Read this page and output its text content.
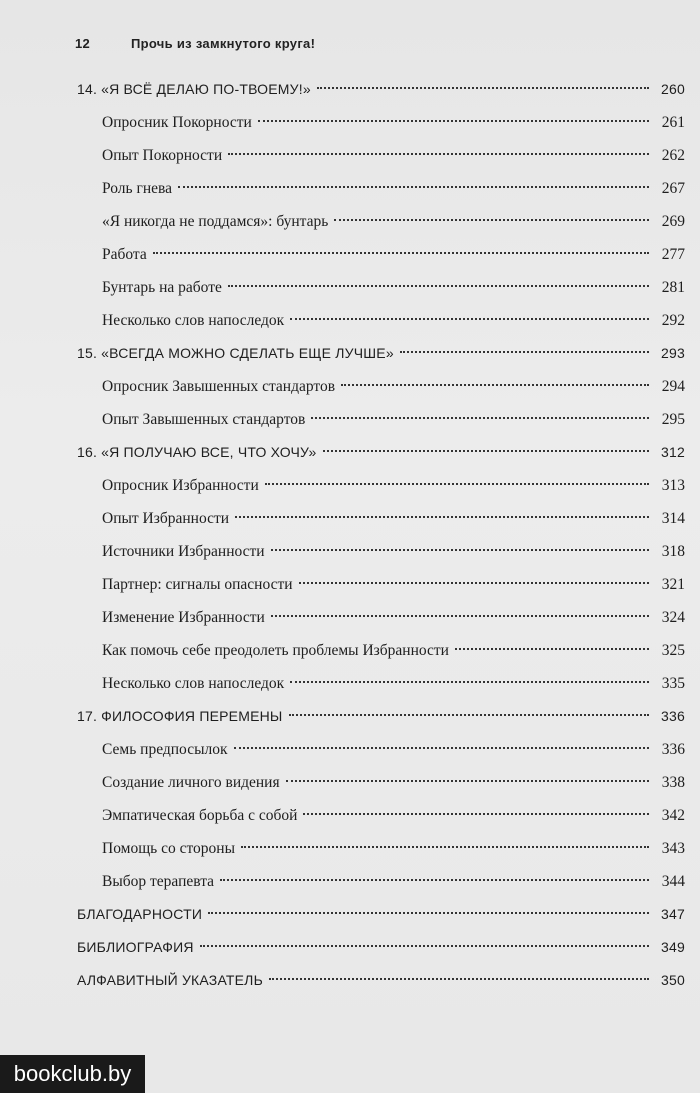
12	Прочь из замкнутого круга!
14. «Я ВСЁ ДЕЛАЮ ПО-ТВОЕМУ!»	260
Опросник Покорности	261
Опыт Покорности	262
Роль гнева	267
«Я никогда не поддамся»: бунтарь	269
Работа	277
Бунтарь на работе	281
Несколько слов напоследок	292
15. «ВСЕГДА МОЖНО СДЕЛАТЬ ЕЩЕ ЛУЧШЕ»	293
Опросник Завышенных стандартов	294
Опыт Завышенных стандартов	295
16. «Я ПОЛУЧАЮ ВСЕ, ЧТО ХОЧУ»	312
Опросник Избранности	313
Опыт Избранности	314
Источники Избранности	318
Партнер: сигналы опасности	321
Изменение Избранности	324
Как помочь себе преодолеть проблемы Избранности	325
Несколько слов напоследок	335
17. ФИЛОСОФИЯ ПЕРЕМЕНЫ	336
Семь предпосылок	336
Создание личного видения	338
Эмпатическая борьба с собой	342
Помощь со стороны	343
Выбор терапевта	344
БЛАГОДАРНОСТИ	347
БИБЛИОГРАФИЯ	349
АЛФАВИТНЫЙ УКАЗАТЕЛЬ	350
bookclub.by
